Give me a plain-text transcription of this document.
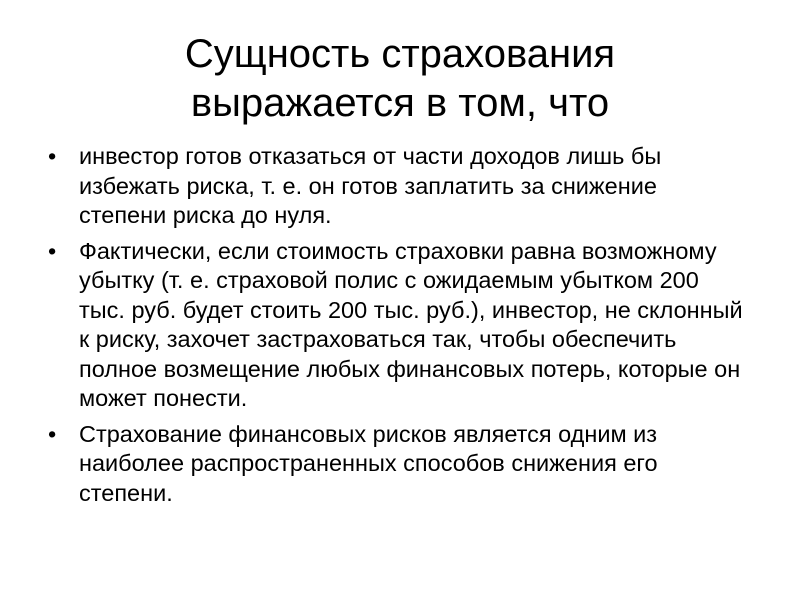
Сущность страхования
выражается в том, что
• инвестор готов отказаться от части доходов лишь бы избежать риска, т. е. он готов заплатить за снижение степени риска до нуля.
• Фактически, если стоимость страховки равна возможному убытку (т. е. страховой полис с ожидаемым убытком 200 тыс. руб. будет стоить 200 тыс. руб.), инвестор, не склонный к риску, захочет застраховаться так, чтобы обеспечить полное возмещение любых финансовых потерь, которые он может понести.
• Страхование финансовых рисков является одним из наиболее распространенных способов снижения его степени.
